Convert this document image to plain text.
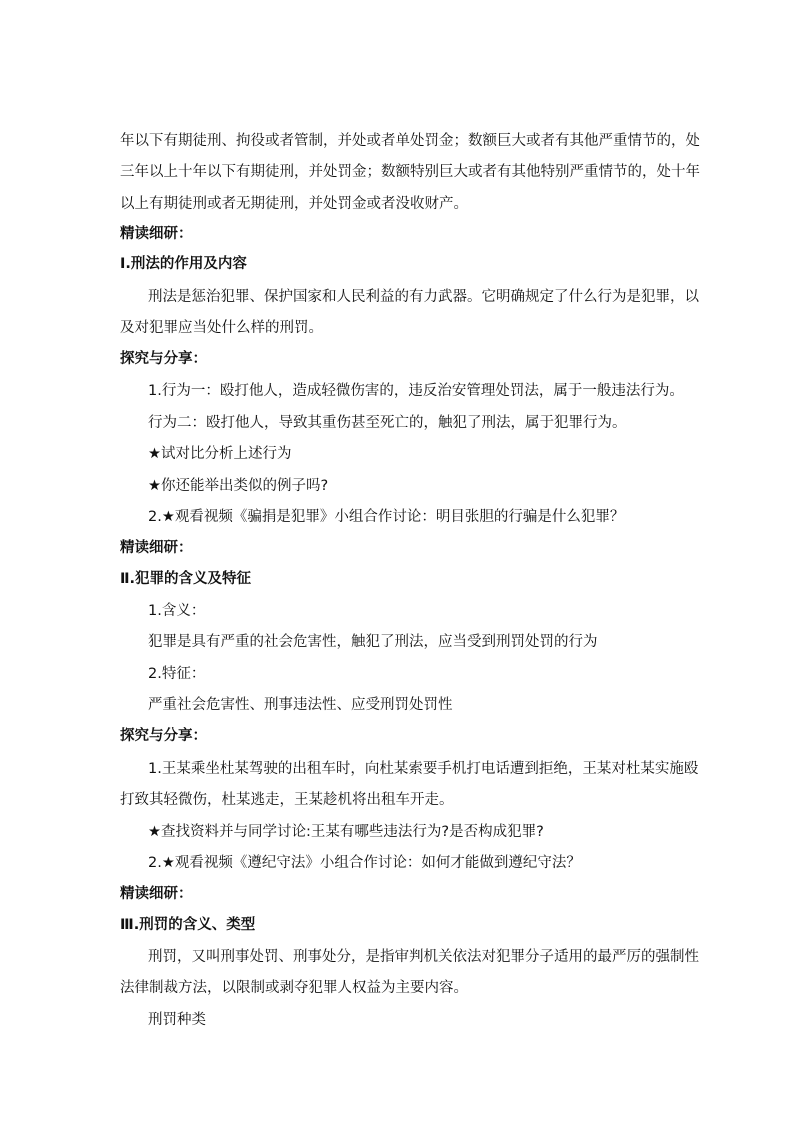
年以下有期徒刑、拘役或者管制，并处或者单处罚金；数额巨大或者有其他严重情节的，处
三年以上十年以下有期徒刑，并处罚金；数额特别巨大或者有其他特别严重情节的，处十年
以上有期徒刑或者无期徒刑，并处罚金或者没收财产。
精读细研：
Ⅰ.刑法的作用及内容
刑法是惩治犯罪、保护国家和人民利益的有力武器。它明确规定了什么行为是犯罪，以
及对犯罪应当处什么样的刑罚。
探究与分享：
1.行为一：殴打他人，造成轻微伤害的，违反治安管理处罚法，属于一般违法行为。
行为二：殴打他人，导致其重伤甚至死亡的，触犯了刑法，属于犯罪行为。
★试对比分析上述行为
★你还能举出类似的例子吗?
2.★观看视频《骗捐是犯罪》小组合作讨论：明目张胆的行骗是什么犯罪？
精读细研：
Ⅱ.犯罪的含义及特征
1.含义：
犯罪是具有严重的社会危害性，触犯了刑法，应当受到刑罚处罚的行为
2.特征：
严重社会危害性、刑事违法性、应受刑罚处罚性
探究与分享：
1.王某乘坐杜某驾驶的出租车时，向杜某索要手机打电话遭到拒绝，王某对杜某实施殴
打致其轻微伤，杜某逃走，王某趁机将出租车开走。
★查找资料并与同学讨论:王某有哪些违法行为?是否构成犯罪?
2.★观看视频《遵纪守法》小组合作讨论：如何才能做到遵纪守法？
精读细研：
Ⅲ.刑罚的含义、类型
刑罚，又叫刑事处罚、刑事处分，是指审判机关依法对犯罪分子适用的最严厉的强制性
法律制裁方法，以限制或剥夺犯罪人权益为主要内容。
刑罚种类
